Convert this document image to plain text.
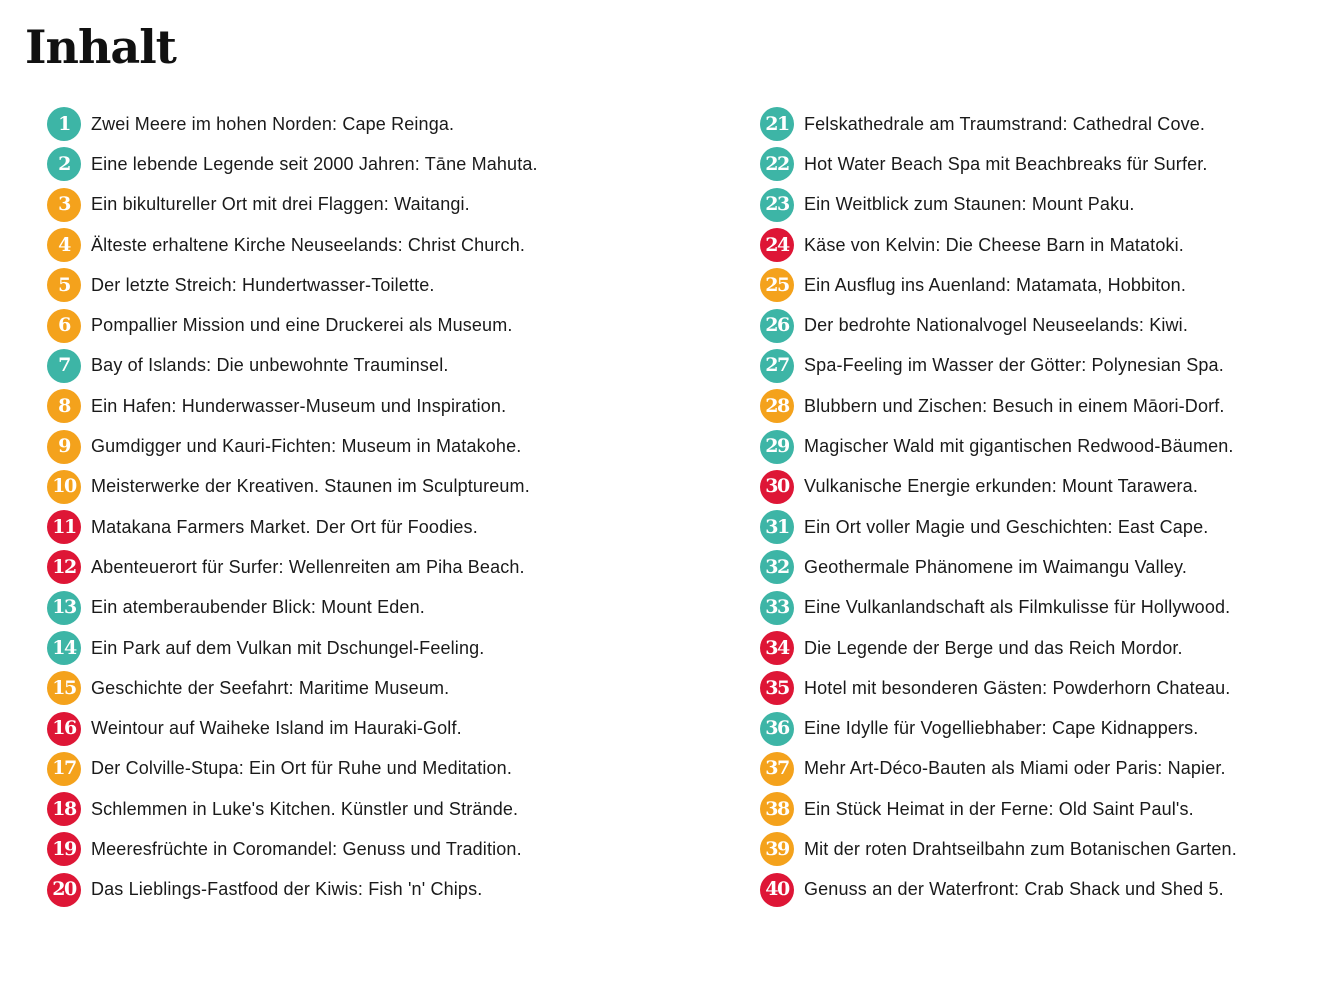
Inhalt
1	Zwei Meere im hohen Norden: Cape Reinga.
2	Eine lebende Legende seit 2000 Jahren: Tāne Mahuta.
3	Ein bikultureller Ort mit drei Flaggen: Waitangi.
4	Älteste erhaltene Kirche Neuseelands: Christ Church.
5	Der letzte Streich: Hundertwasser-Toilette.
6	Pompallier Mission und eine Druckerei als Museum.
7	Bay of Islands: Die unbewohnte Trauminsel.
8	Ein Hafen: Hunderwasser-Museum und Inspiration.
9	Gumdigger und Kauri-Fichten: Museum in Matakohe.
10 Meisterwerke der Kreativen. Staunen im Sculptureum.
11 Matakana Farmers Market. Der Ort für Foodies.
12 Abenteuerort für Surfer: Wellenreiten am Piha Beach.
13 Ein atemberaubender Blick: Mount Eden.
14 Ein Park auf dem Vulkan mit Dschungel-Feeling.
15 Geschichte der Seefahrt: Maritime Museum.
16 Weintour auf Waiheke Island im Hauraki-Golf.
17 Der Colville-Stupa: Ein Ort für Ruhe und Meditation.
18 Schlemmen in Luke's Kitchen. Künstler und Strände.
19 Meeresfrüchte in Coromandel: Genuss und Tradition.
20 Das Lieblings-Fastfood der Kiwis: Fish 'n' Chips.
21 Felskathedrale am Traumstrand: Cathedral Cove.
22 Hot Water Beach Spa mit Beachbreaks für Surfer.
23 Ein Weitblick zum Staunen: Mount Paku.
24 Käse von Kelvin: Die Cheese Barn in Matatoki.
25 Ein Ausflug ins Auenland: Matamata, Hobbiton.
26 Der bedrohte Nationalvogel Neuseelands: Kiwi.
27 Spa-Feeling im Wasser der Götter: Polynesian Spa.
28 Blubbern und Zischen: Besuch in einem Māori-Dorf.
29 Magischer Wald mit gigantischen Redwood-Bäumen.
30 Vulkanische Energie erkunden: Mount Tarawera.
31 Ein Ort voller Magie und Geschichten: East Cape.
32 Geothermale Phänomene im Waimangu Valley.
33 Eine Vulkanlandschaft als Filmkulisse für Hollywood.
34 Die Legende der Berge und das Reich Mordor.
35 Hotel mit besonderen Gästen: Powderhorn Chateau.
36 Eine Idylle für Vogelliebhaber: Cape Kidnappers.
37 Mehr Art-Déco-Bauten als Miami oder Paris: Napier.
38 Ein Stück Heimat in der Ferne: Old Saint Paul's.
39 Mit der roten Drahtseilbahn zum Botanischen Garten.
40 Genuss an der Waterfront: Crab Shack und Shed 5.
